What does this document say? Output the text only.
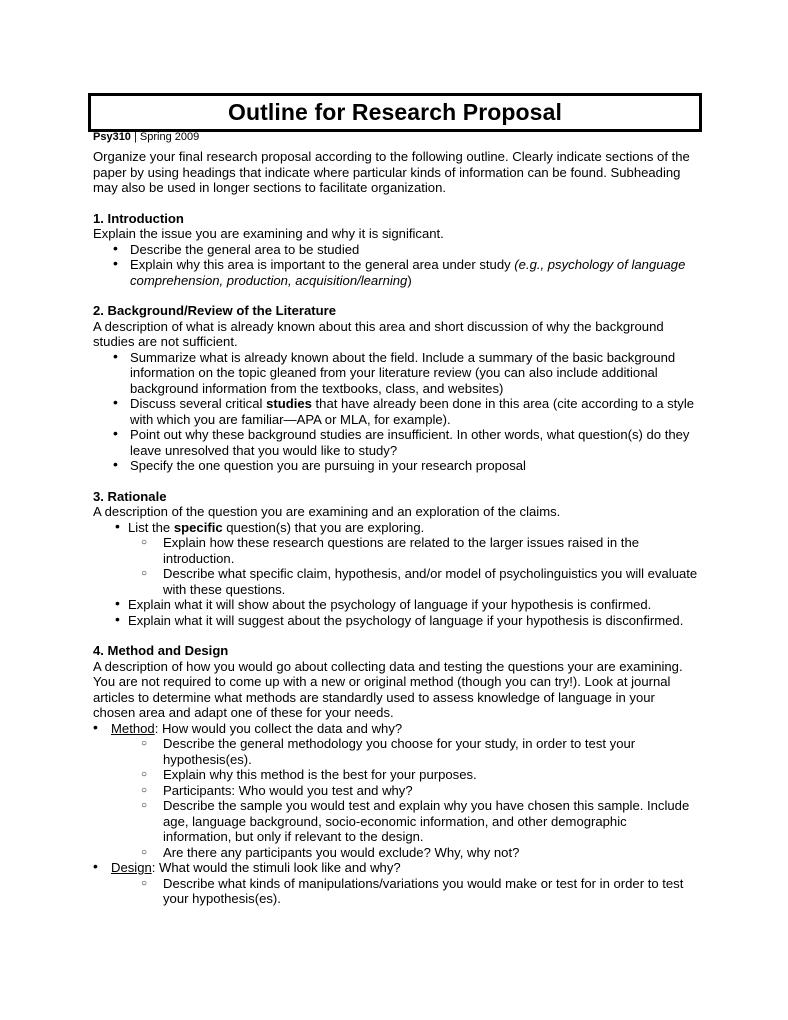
Outline for Research Proposal
Psy310 | Spring 2009

Organize your final research proposal according to the following outline. Clearly indicate sections of the paper by using headings that indicate where particular kinds of information can be found. Subheading may also be used in longer sections to facilitate organization.

1. Introduction

Explain the issue you are examining and why it is significant.

• Describe the general area to be studied
• Explain why this area is important to the general area under study (e.g., psychology of language comprehension, production, acquisition/learning)
2. Background/Review of the Literature

A description of what is already known about this area and short discussion of why the background studies are not sufficient.

• Summarize what is already known about the field. Include a summary of the basic background information on the topic gleaned from your literature review (you can also include additional background information from the textbooks, class, and websites)
• Discuss several critical studies that have already been done in this area (cite according to a style with which you are familiar—APA or MLA, for example).
• Point out why these background studies are insufficient. In other words, what question(s) do they leave unresolved that you would like to study?
• Specify the one question you are pursuing in your research proposal
3. Rationale

A description of the question you are examining and an exploration of the claims.

• List the specific question(s) that you are exploring.
○ Explain how these research questions are related to the larger issues raised in the introduction.
○ Describe what specific claim, hypothesis, and/or model of psycholinguistics you will evaluate with these questions.
• Explain what it will show about the psychology of language if your hypothesis is confirmed.
• Explain what it will suggest about the psychology of language if your hypothesis is disconfirmed.
4. Method and Design

A description of how you would go about collecting data and testing the questions your are examining. You are not required to come up with a new or original method (though you can try!). Look at journal articles to determine what methods are standardly used to assess knowledge of language in your chosen area and adapt one of these for your needs.

• Method: How would you collect the data and why?
○ Describe the general methodology you choose for your study, in order to test your hypothesis(es).
○ Explain why this method is the best for your purposes.
○ Participants: Who would you test and why?
○ Describe the sample you would test and explain why you have chosen this sample. Include age, language background, socio-economic information, and other demographic information, but only if relevant to the design.
○ Are there any participants you would exclude? Why, why not?
• Design: What would the stimuli look like and why?
○ Describe what kinds of manipulations/variations you would make or test for in order to test your hypothesis(es).
